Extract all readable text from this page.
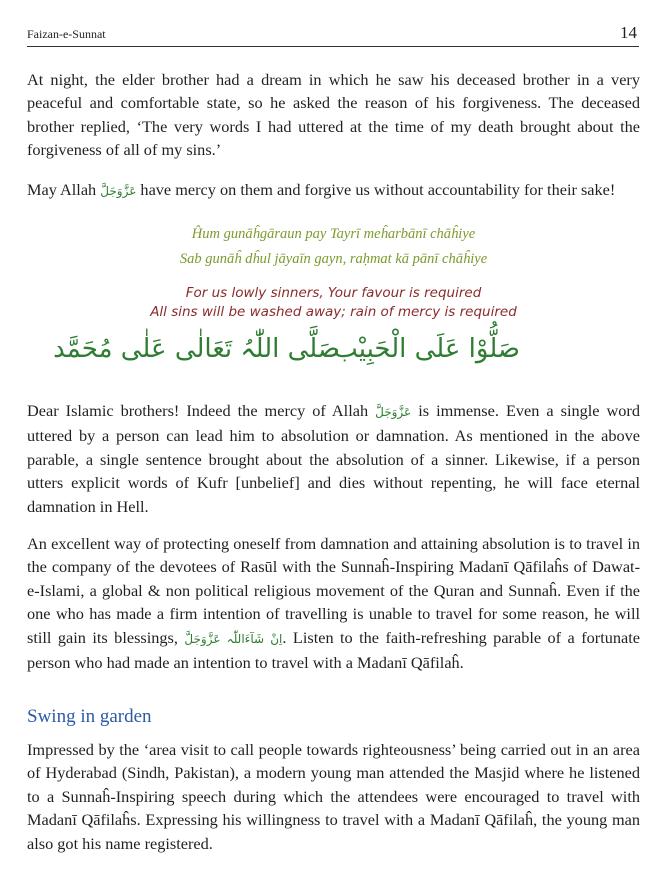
Faizan-e-Sunnat	14

At night, the elder brother had a dream in which he saw his deceased brother in a very peaceful and comfortable state, so he asked the reason of his forgiveness. The deceased brother replied, ‘The very words I had uttered at the time of my death brought about the forgiveness of all of my sins.’

May Allah عَزَّوَجَلَّ have mercy on them and forgive us without accountability for their sake!

Ĥum gunāĥgāraun pay Tayrī meĥarbānī chāĥiye
Sab gunāĥ dĥul jāyaīn gayn, raḥmat kā pānī chāĥiye
For us lowly sinners, Your favour is required
All sins will be washed away; rain of mercy is required
صَلُّوْا عَلَی الْحَبِیْب
صَلَّی اللّٰہُ تَعَالٰی عَلٰی مُحَمَّد

Dear Islamic brothers! Indeed the mercy of Allah عَزَّوَجَلَّ is immense. Even a single word uttered by a person can lead him to absolution or damnation. As mentioned in the above parable, a single sentence brought about the absolution of a sinner. Likewise, if a person utters explicit words of Kufr [unbelief] and dies without repenting, he will face eternal damnation in Hell.

An excellent way of protecting oneself from damnation and attaining absolution is to travel in the company of the devotees of Rasūl with the Sunnaĥ-Inspiring Madanī Qāfilaĥs of Dawat-e-Islami, a global & non political religious movement of the Quran and Sunnaĥ. Even if the one who has made a firm intention of travelling is unable to travel for some reason, he will still gain its blessings, اِنْ شَآءَاللّٰہ عَزَّوَجَلَّ. Listen to the faith-refreshing parable of a fortunate person who had made an intention to travel with a Madanī Qāfilaĥ.

Swing in garden

Impressed by the ‘area visit to call people towards righteousness’ being carried out in an area of Hyderabad (Sindh, Pakistan), a modern young man attended the Masjid where he listened to a Sunnaĥ-Inspiring speech during which the attendees were encouraged to travel with Madanī Qāfilaĥs. Expressing his willingness to travel with a Madanī Qāfilaĥ, the young man also got his name registered.
